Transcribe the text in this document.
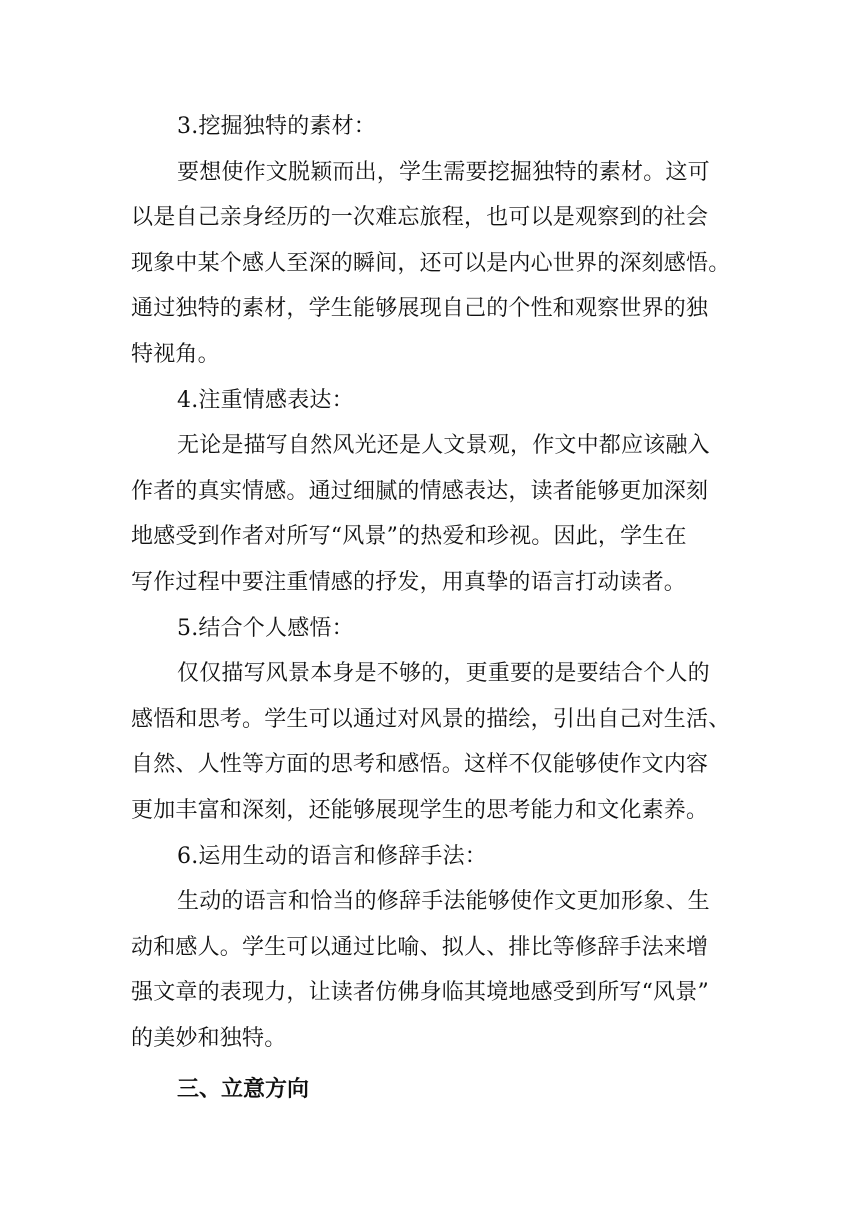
3.挖掘独特的素材：
要想使作文脱颖而出，学生需要挖掘独特的素材。这可
以是自己亲身经历的一次难忘旅程，也可以是观察到的社会
现象中某个感人至深的瞬间，还可以是内心世界的深刻感悟。
通过独特的素材，学生能够展现自己的个性和观察世界的独
特视角。
4.注重情感表达：
无论是描写自然风光还是人文景观，作文中都应该融入
作者的真实情感。通过细腻的情感表达，读者能够更加深刻
地感受到作者对所写“风景”的热爱和珍视。因此，学生在
写作过程中要注重情感的抒发，用真挚的语言打动读者。
5.结合个人感悟：
仅仅描写风景本身是不够的，更重要的是要结合个人的
感悟和思考。学生可以通过对风景的描绘，引出自己对生活、
自然、人性等方面的思考和感悟。这样不仅能够使作文内容
更加丰富和深刻，还能够展现学生的思考能力和文化素养。
6.运用生动的语言和修辞手法：
生动的语言和恰当的修辞手法能够使作文更加形象、生
动和感人。学生可以通过比喻、拟人、排比等修辞手法来增
强文章的表现力，让读者仿佛身临其境地感受到所写“风景”
的美妙和独特。
三、立意方向
